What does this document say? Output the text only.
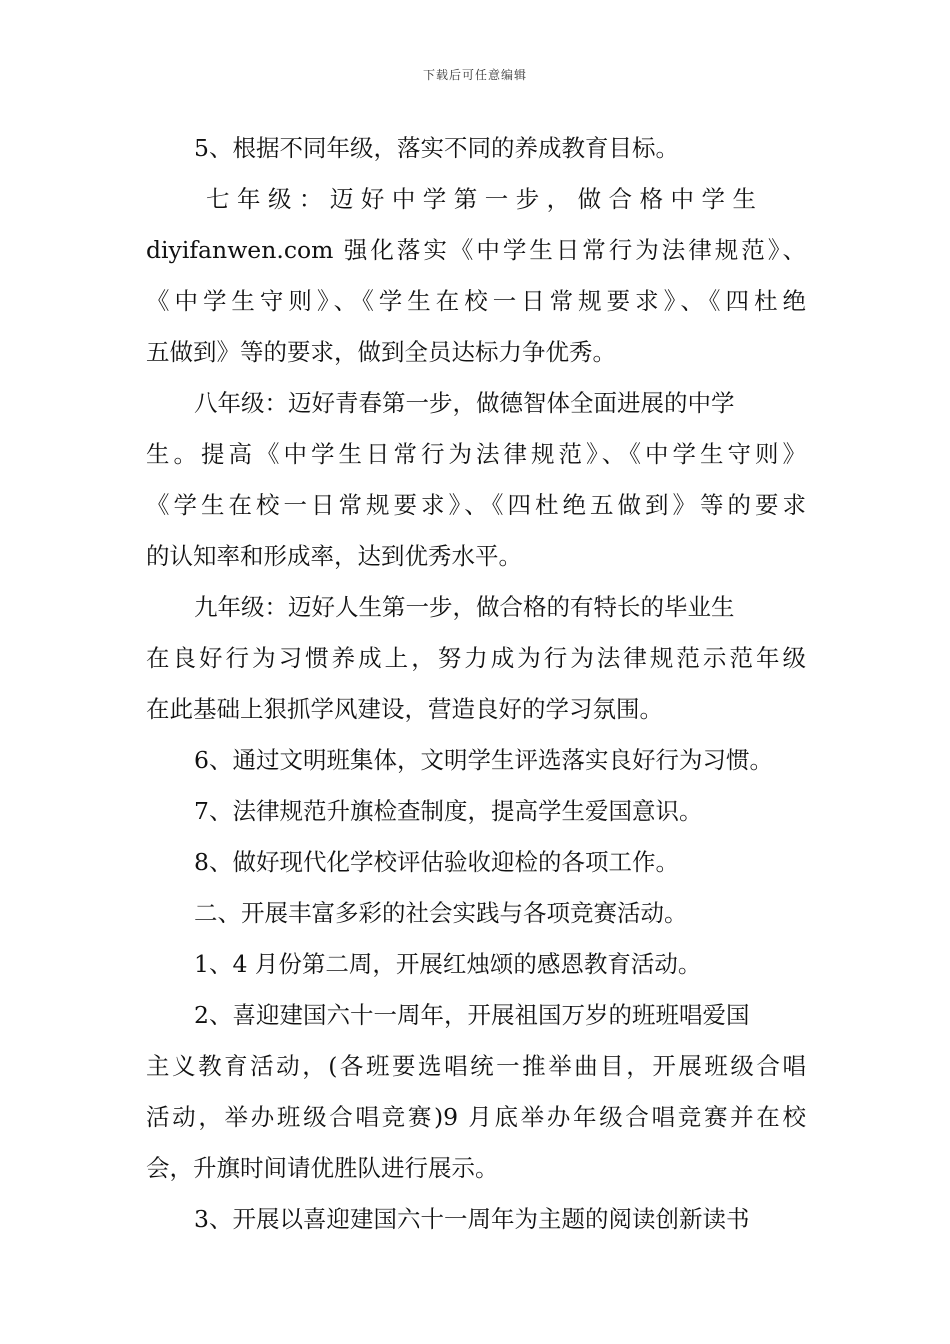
下载后可任意编辑
5、根据不同年级，落实不同的养成教育目标。
七 年 级 ： 迈 好 中 学 第 一 步 ， 做 合 格 中 学 生
diyifanwen.com 强化落实《中学生日常行为法律规范》、
《中学生守则》、《学生在校一日常规要求》、《四杜绝
五做到》等的要求，做到全员达标力争优秀。
八年级：迈好青春第一步，做德智体全面进展的中学
生。提高《中学生日常行为法律规范》、《中学生守则》
《学生在校一日常规要求》、《四杜绝五做到》等的要求
的认知率和形成率，达到优秀水平。
九年级：迈好人生第一步，做合格的有特长的毕业生
在良好行为习惯养成上，努力成为行为法律规范示范年级
在此基础上狠抓学风建设，营造良好的学习氛围。
6、通过文明班集体，文明学生评选落实良好行为习惯。
7、法律规范升旗检查制度，提高学生爱国意识。
8、做好现代化学校评估验收迎检的各项工作。
二、开展丰富多彩的社会实践与各项竞赛活动。
1、4 月份第二周，开展红烛颂的感恩教育活动。
2、喜迎建国六十一周年，开展祖国万岁的班班唱爱国
主义教育活动，(各班要选唱统一推举曲目，开展班级合唱
活动，举办班级合唱竞赛)9 月底举办年级合唱竞赛并在校
会，升旗时间请优胜队进行展示。
3、开展以喜迎建国六十一周年为主题的阅读创新读书
